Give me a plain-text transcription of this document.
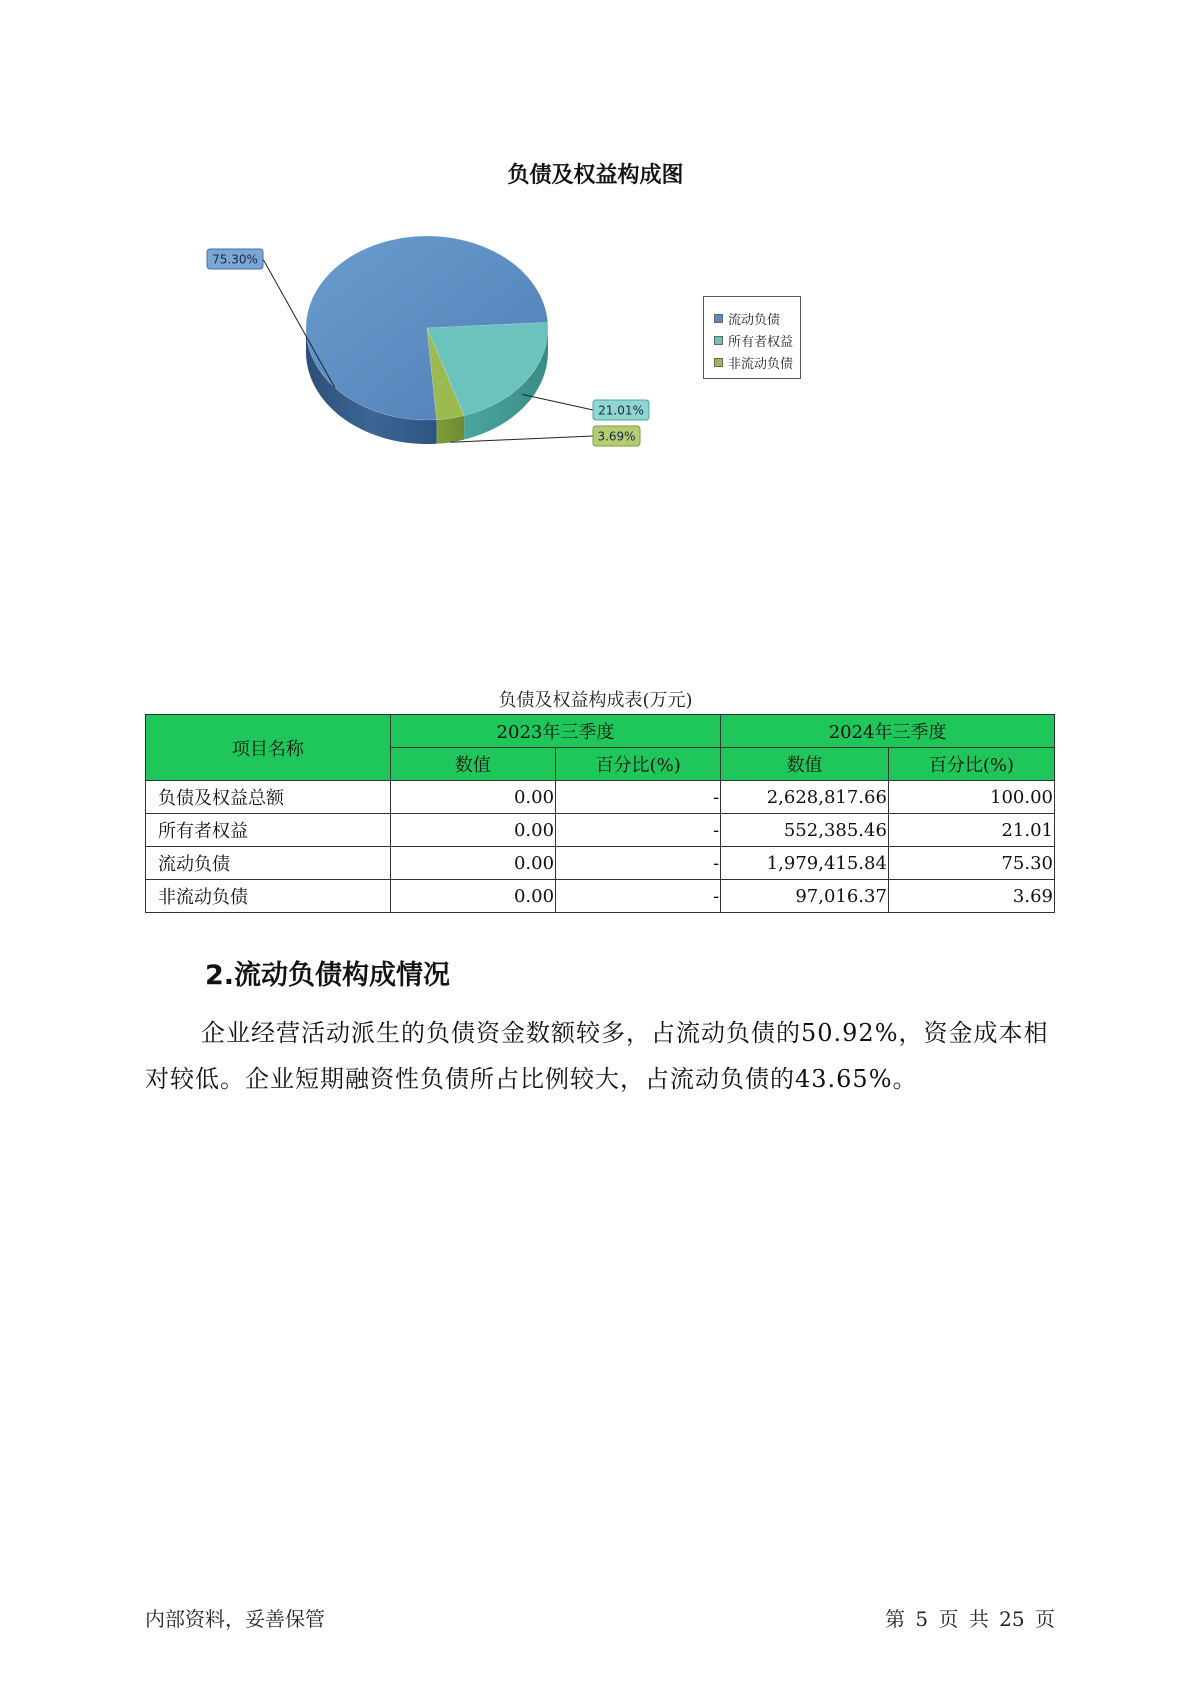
负债及权益构成图
75.30%
21.01%
3.69%
流动负债
所有者权益
非流动负债
负债及权益构成表(万元)
项目名称	2023年三季度		2024年三季度	
	数值	百分比(%)	数值	百分比(%)
负债及权益总额	0.00	-	2,628,817.66	100.00
所有者权益	0.00	-	552,385.46	21.01
流动负债	0.00	-	1,979,415.84	75.30
非流动负债	0.00	-	97,016.37	3.69
2.流动负债构成情况
企业经营活动派生的负债资金数额较多，占流动负债的50.92%，资金成本相对较低。企业短期融资性负债所占比例较大，占流动负债的43.65%。
内部资料，妥善保管	第 5 页 共 25 页
